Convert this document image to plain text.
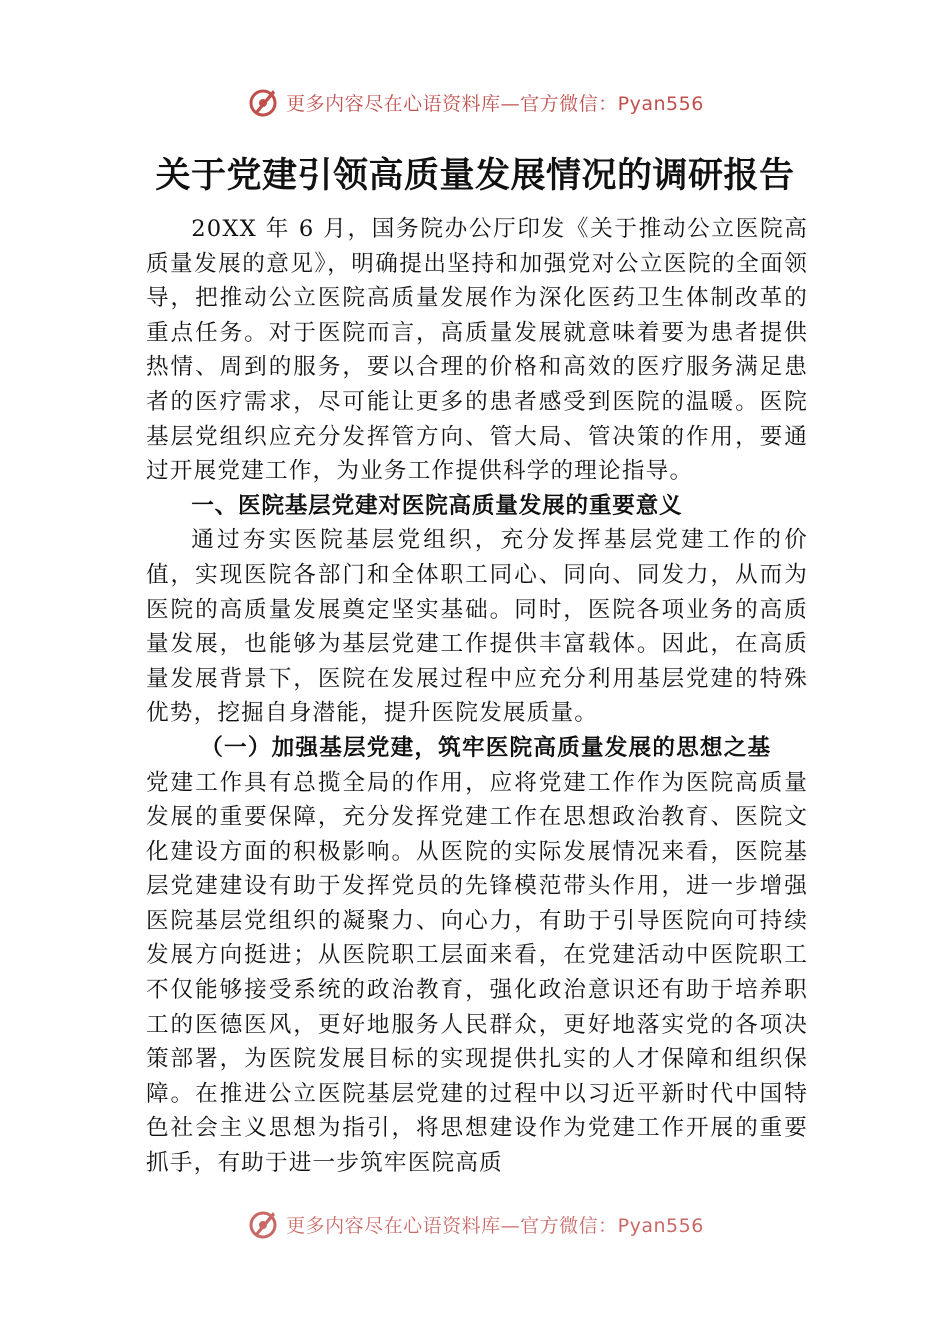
更多内容尽在心语资料库—官方微信：Pyan556
关于党建引领高质量发展情况的调研报告

20XX 年 6 月，国务院办公厅印发《关于推动公立医院高质量发展的意见》，明确提出坚持和加强党对公立医院的全面领导，把推动公立医院高质量发展作为深化医药卫生体制改革的重点任务。对于医院而言，高质量发展就意味着要为患者提供热情、周到的服务，要以合理的价格和高效的医疗服务满足患者的医疗需求，尽可能让更多的患者感受到医院的温暖。医院基层党组织应充分发挥管方向、管大局、管决策的作用，要通过开展党建工作，为业务工作提供科学的理论指导。

一、医院基层党建对医院高质量发展的重要意义

通过夯实医院基层党组织，充分发挥基层党建工作的价值，实现医院各部门和全体职工同心、同向、同发力，从而为医院的高质量发展奠定坚实基础。同时，医院各项业务的高质量发展，也能够为基层党建工作提供丰富载体。因此，在高质量发展背景下，医院在发展过程中应充分利用基层党建的特殊优势，挖掘自身潜能，提升医院发展质量。

（一）加强基层党建，筑牢医院高质量发展的思想之基

党建工作具有总揽全局的作用，应将党建工作作为医院高质量发展的重要保障，充分发挥党建工作在思想政治教育、医院文化建设方面的积极影响。从医院的实际发展情况来看，医院基层党建建设有助于发挥党员的先锋模范带头作用，进一步增强医院基层党组织的凝聚力、向心力，有助于引导医院向可持续发展方向挺进；从医院职工层面来看，在党建活动中医院职工不仅能够接受系统的政治教育，强化政治意识还有助于培养职工的医德医风，更好地服务人民群众，更好地落实党的各项决策部署，为医院发展目标的实现提供扎实的人才保障和组织保障。在推进公立医院基层党建的过程中以习近平新时代中国特色社会主义思想为指引，将思想建设作为党建工作开展的重要抓手，有助于进一步筑牢医院高质

更多内容尽在心语资料库—官方微信：Pyan556
